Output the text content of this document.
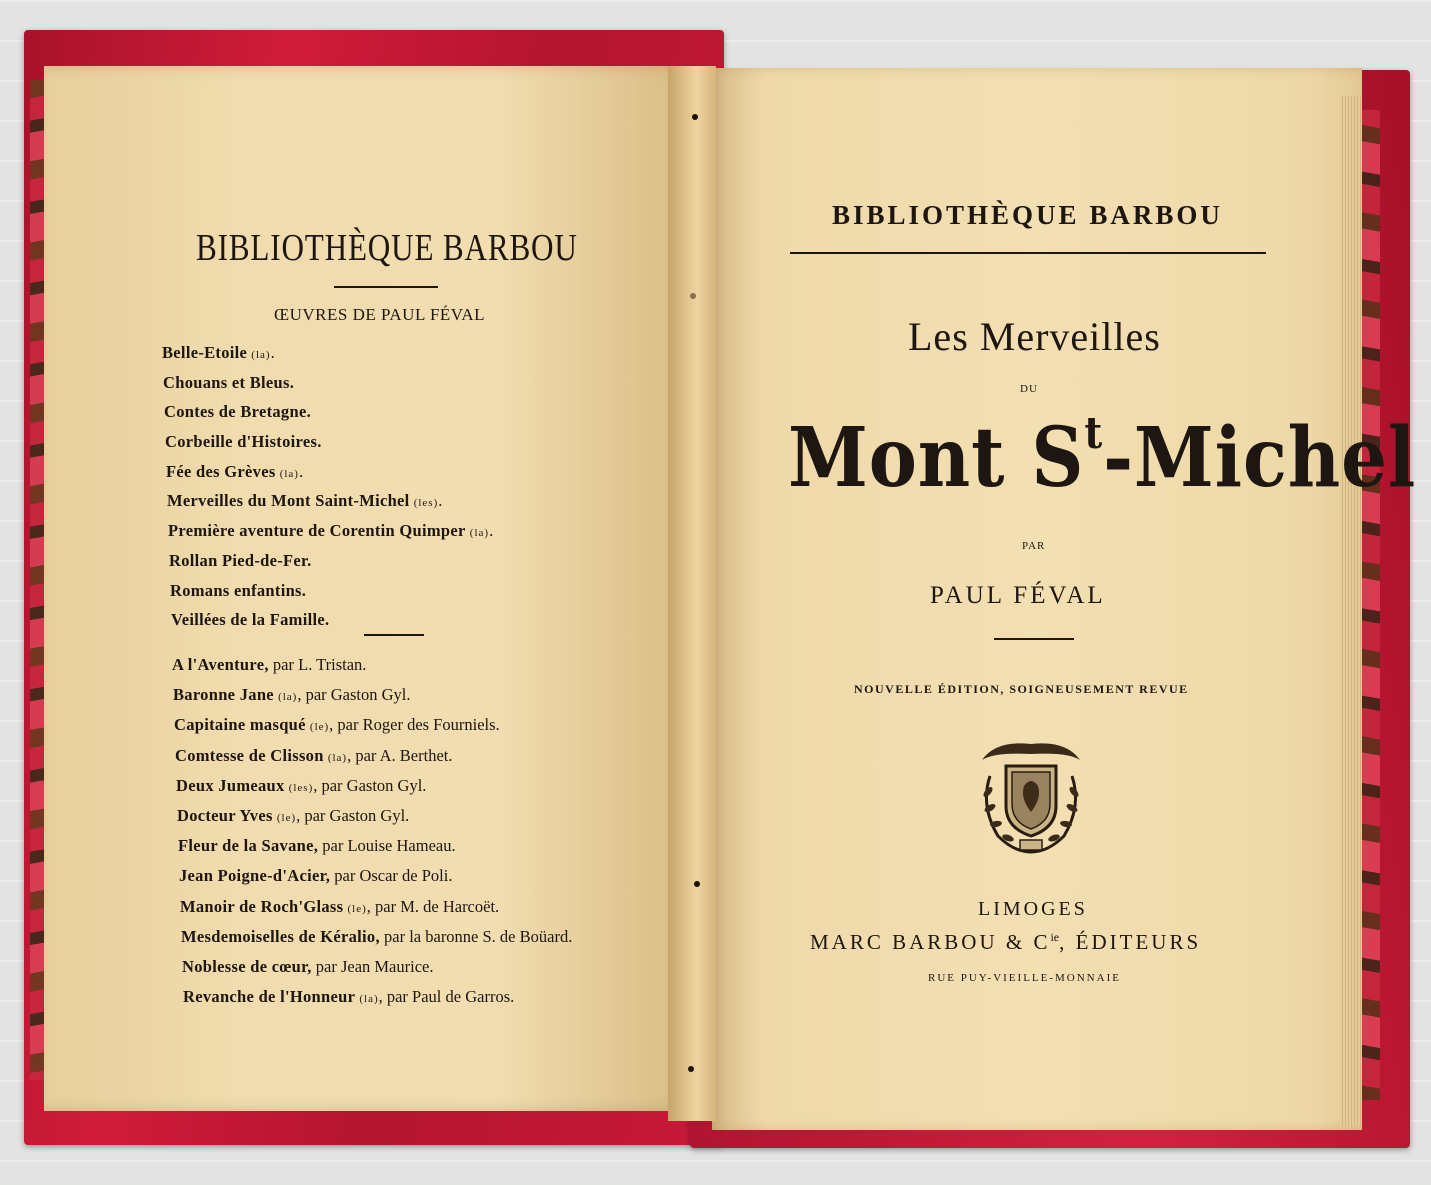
BIBLIOTHÈQUE BARBOU
ŒUVRES DE PAUL FÉVAL
Belle-Etoile (la).
Chouans et Bleus.
Contes de Bretagne.
Corbeille d'Histoires.
Fée des Grèves (la).
Merveilles du Mont Saint-Michel (les).
Première aventure de Corentin Quimper (la).
Rollan Pied-de-Fer.
Romans enfantins.
Veillées de la Famille.
A l'Aventure, par L. Tristan.
Baronne Jane (la), par Gaston Gyl.
Capitaine masqué (le), par Roger des Fourniels.
Comtesse de Clisson (la), par A. Berthet.
Deux Jumeaux (les), par Gaston Gyl.
Docteur Yves (le), par Gaston Gyl.
Fleur de la Savane, par Louise Hameau.
Jean Poigne-d'Acier, par Oscar de Poli.
Manoir de Roch'Glass (le), par M. de Harcoët.
Mesdemoiselles de Kéralio, par la baronne S. de Boüard.
Noblesse de cœur, par Jean Maurice.
Revanche de l'Honneur (la), par Paul de Garros.
BIBLIOTHÈQUE BARBOU
Les Merveilles
DU
Mont $S^t$-Michel
PAR
PAUL FÉVAL
NOUVELLE ÉDITION, SOIGNEUSEMENT REVUE
LIMOGES
MARC BARBOU & $C^{ie}$, ÉDITEURS
RUE PUY-VIEILLE-MONNAIE
